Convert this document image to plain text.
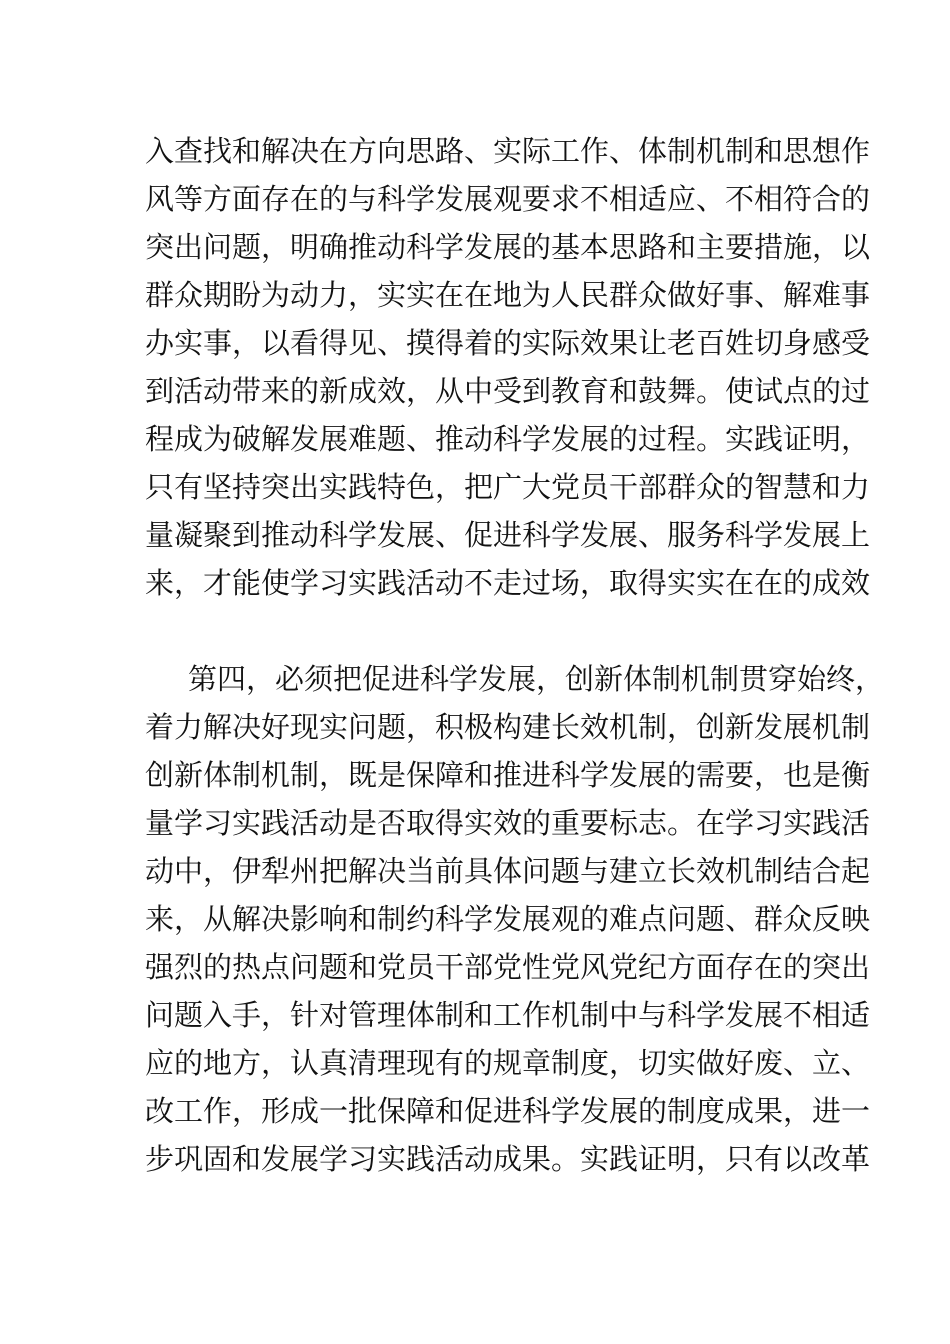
入查找和解决在方向思路、实际工作、体制机制和思想作
风等方面存在的与科学发展观要求不相适应、不相符合的
突出问题，明确推动科学发展的基本思路和主要措施，以
群众期盼为动力，实实在在地为人民群众做好事、解难事
办实事，以看得见、摸得着的实际效果让老百姓切身感受
到活动带来的新成效，从中受到教育和鼓舞。使试点的过
程成为破解发展难题、推动科学发展的过程。实践证明，
只有坚持突出实践特色，把广大党员干部群众的智慧和力
量凝聚到推动科学发展、促进科学发展、服务科学发展上
来，才能使学习实践活动不走过场，取得实实在在的成效
第四，必须把促进科学发展，创新体制机制贯穿始终，
着力解决好现实问题，积极构建长效机制，创新发展机制
创新体制机制，既是保障和推进科学发展的需要，也是衡
量学习实践活动是否取得实效的重要标志。在学习实践活
动中，伊犁州把解决当前具体问题与建立长效机制结合起
来，从解决影响和制约科学发展观的难点问题、群众反映
强烈的热点问题和党员干部党性党风党纪方面存在的突出
问题入手，针对管理体制和工作机制中与科学发展不相适
应的地方，认真清理现有的规章制度，切实做好废、立、
改工作，形成一批保障和促进科学发展的制度成果，进一
步巩固和发展学习实践活动成果。实践证明，只有以改革
